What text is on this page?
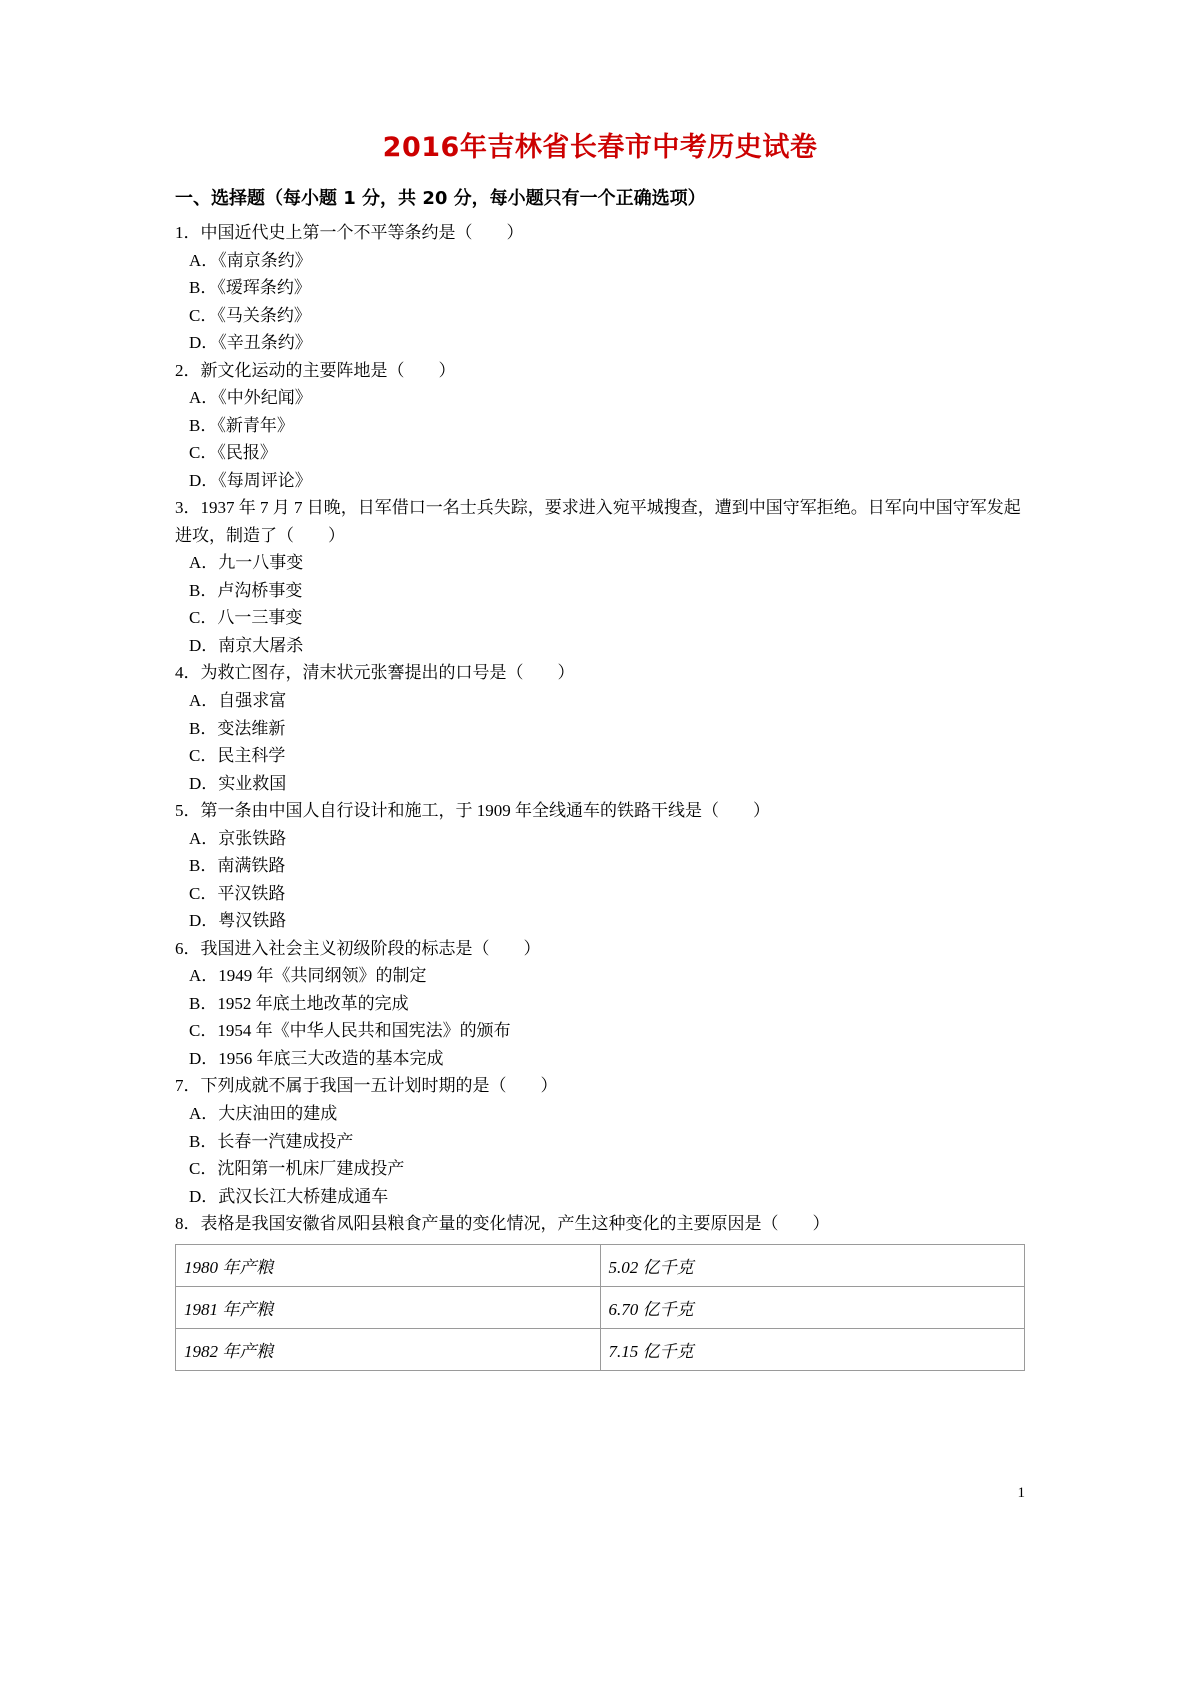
2016年吉林省长春市中考历史试卷
一、选择题（每小题 1 分，共 20 分，每小题只有一个正确选项）

1．中国近代史上第一个不平等条约是（　　）

A．《南京条约》

B．《瑷珲条约》

C．《马关条约》

D．《辛丑条约》

2．新文化运动的主要阵地是（　　）

A．《中外纪闻》

B．《新青年》

C．《民报》

D．《每周评论》

3．1937 年 7 月 7 日晚，日军借口一名士兵失踪，要求进入宛平城搜查，遭到中国守军拒绝。日军向中国守军发起进攻，制造了（　　）

A．九一八事变

B．卢沟桥事变

C．八一三事变

D．南京大屠杀

4．为救亡图存，清末状元张謇提出的口号是（　　）

A．自强求富

B．变法维新

C．民主科学

D．实业救国

5．第一条由中国人自行设计和施工，于 1909 年全线通车的铁路干线是（　　）

A．京张铁路

B．南满铁路

C．平汉铁路

D．粤汉铁路

6．我国进入社会主义初级阶段的标志是（　　）

A．1949 年《共同纲领》的制定

B．1952 年底土地改革的完成

C．1954 年《中华人民共和国宪法》的颁布

D．1956 年底三大改造的基本完成

7．下列成就不属于我国一五计划时期的是（　　）

A．大庆油田的建成

B．长春一汽建成投产

C．沈阳第一机床厂建成投产

D．武汉长江大桥建成通车

8．表格是我国安徽省凤阳县粮食产量的变化情况，产生这种变化的主要原因是（　　）

1980 年产粮	5.02 亿千克
1981 年产粮	6.70 亿千克
1982 年产粮	7.15 亿千克
1
